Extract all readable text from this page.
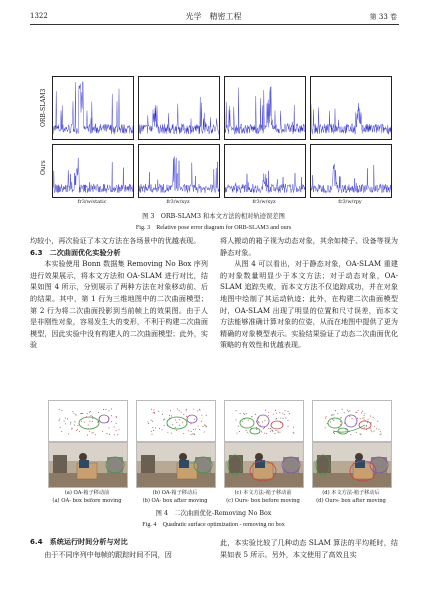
1322	光学　精密工程	第 33 卷
ORB-SLAM3
Ours
fr3/w/static	fr3/w/xyz	fr3/w/xyz	fr3/w/rpy
图 3　ORB-SLAM3 和本文方法的相对轨迹误差图
Fig. 3　Relative pose error diagram for ORB-SLAM3 and ours

均较小，再次验证了本文方法在各场景中的优越表现。

6.3　二次曲面优化实验分析

本实验使用 Bonn 数据集 Removing No Box 序列进行效果展示，将本文方法和 OA-SLAM 进行对比，结果如图 4 所示，分别展示了两种方法在对象移动前、后的结果。其中，第 1 行为三维地图中的二次曲面模型；第 2 行为将二次曲面投影到当前帧上的效果图。由于人是非刚性对象，容易发生大的变形，不利于构建二次曲面模型，因此实验中没有构建人的二次曲面模型；此外，实验

将人搬动的箱子视为动态对象，其余如椅子、设备等视为静态对象。

从图 4 可以看出，对于静态对象，OA-SLAM 重建的对象数量明显少于本文方法；对于动态对象，OA-SLAM 追踪失败，而本文方法不仅追踪成功，并在对象地图中绘制了其运动轨迹；此外，在构建二次曲面模型时，OA-SLAM 出现了明显的位置和尺寸误差，而本文方法能够准确计算对象的位姿，从而在地图中提供了更为精确的对象模型表示。实验结果验证了动态二次曲面优化策略的有效性和优越表现。

(a) OA-箱子移动前
(a) OA- box before moving
(b) OA-箱子移动后
(b) OA- box after moving
(c) 本文方法-箱子移动前
(c) Ours- box before moving
(d) 本文方法-箱子移动后
(d) Ours- box after moving
图 4　二次曲面优化-Removing No Box
Fig. 4　Quadratic surface optimization - removing no box
6.4　系统运行时间分析与对比

由于不同序列中每帧的跟踪时间不同，因

此，本实验比较了几种动态 SLAM 算法的平均耗时，结果如表 5 所示。另外，本文使用了高效且实
